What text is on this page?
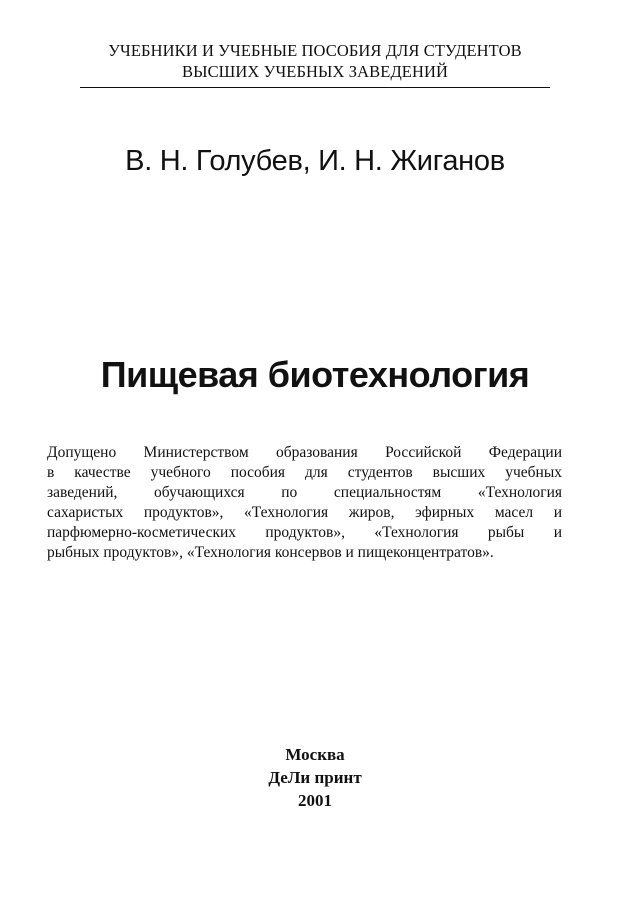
УЧЕБНИКИ И УЧЕБНЫЕ ПОСОБИЯ ДЛЯ СТУДЕНТОВ
ВЫСШИХ УЧЕБНЫХ ЗАВЕДЕНИЙ
В. Н. Голубев, И. Н. Жиганов
Пищевая биотехнология
Допущено Министерством образования Российской Федерации
в качестве учебного пособия для студентов высших учебных
заведений, обучающихся по специальностям «Технология
сахаристых продуктов», «Технология жиров, эфирных масел и
парфюмерно-косметических продуктов», «Технология рыбы и
рыбных продуктов», «Технология консервов и пищеконцентратов».
Москва
ДеЛи принт
2001
